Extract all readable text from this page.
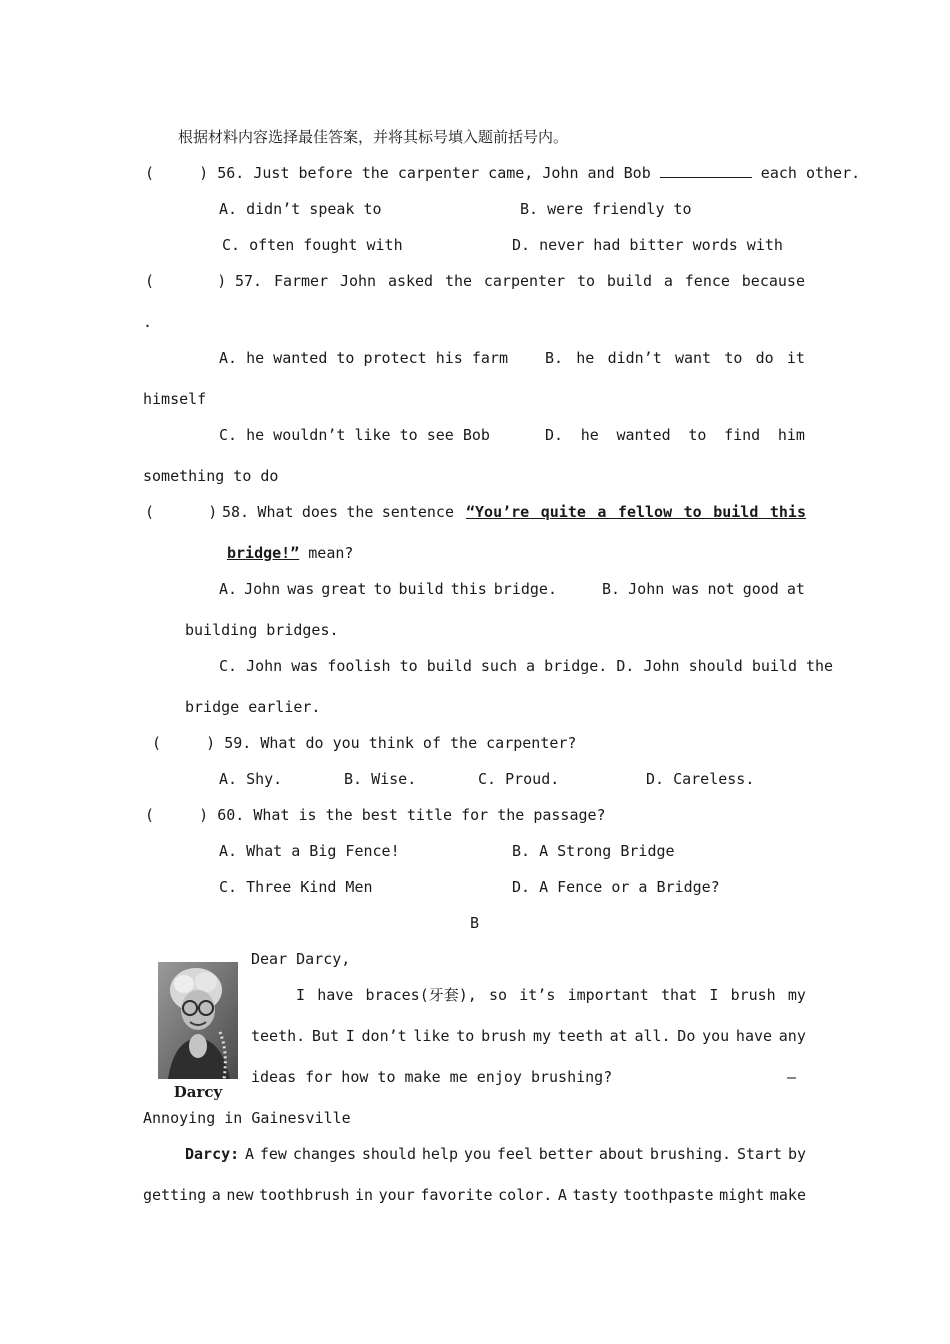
根据材料内容选择最佳答案，并将其标号填入题前括号内。
(     ) 56. Just before the carpenter came, John and Bob	each other.
A. didn’t speak to	B. were friendly to
C. often fought with	D. never had bitter words with
(       ) 57. Farmer John asked the carpenter to build a fence because
.
A. he wanted to protect his farm B. he didn’t want to do it
himself
C. he wouldn’t like to see Bob	D. he wanted to find him
something to do
(      ) 58. What does the sentence “You’re quite a fellow to build this
bridge!” mean?
A. John was great to build this bridge.	B. John was not good at
building bridges.
C. John was foolish to build such a bridge. D. John should build the
bridge earlier.
(     ) 59. What do you think of the carpenter?
A. Shy.	B. Wise.	C. Proud.	D. Careless.
(     ) 60. What is the best title for the passage?
A. What a Big Fence!	B. A Strong Bridge
C. Three Kind Men	D. A Fence or a Bridge?
B
Darcy
Dear Darcy,
I have braces(牙套), so it’s important that I brush my
teeth. But I don’t like to brush my teeth at all. Do you have any
ideas for how to make me enjoy brushing?	—
Annoying in Gainesville
Darcy: A few changes should help you feel better about brushing. Start by
getting a new toothbrush in your favorite color. A tasty toothpaste might make
